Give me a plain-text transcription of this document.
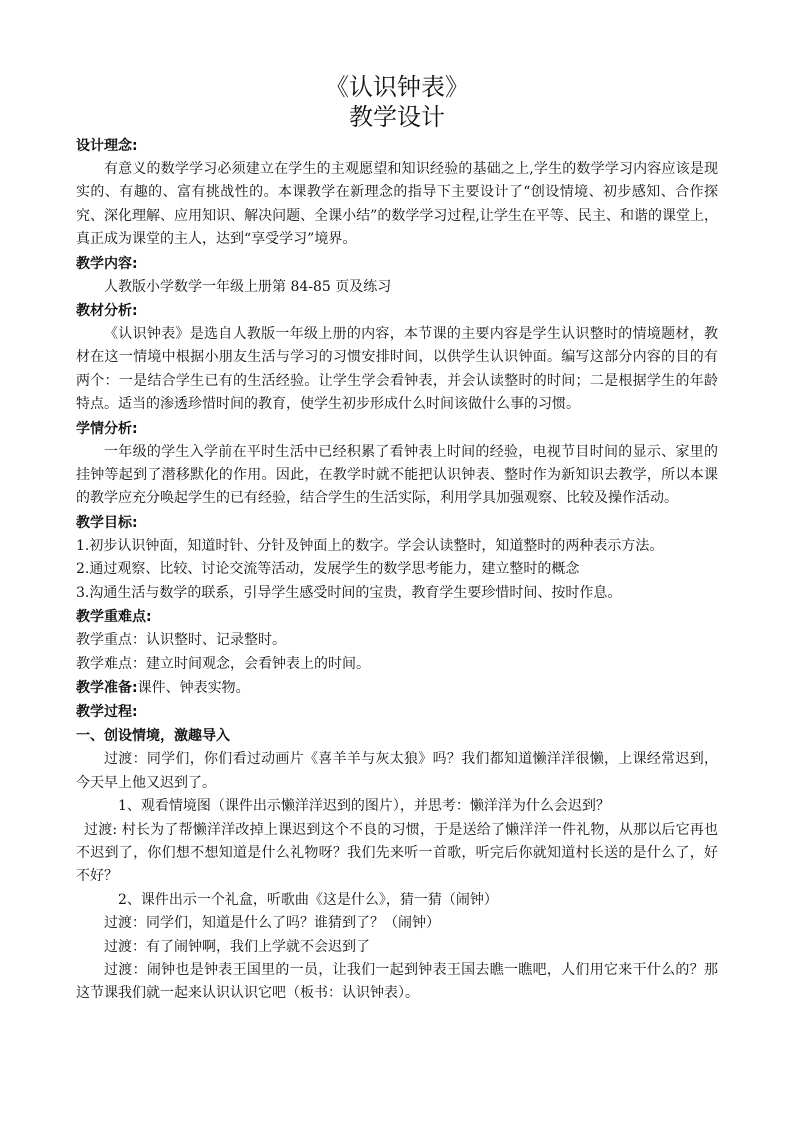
《认识钟表》
教学设计

设计理念:

有意义的数学学习必须建立在学生的主观愿望和知识经验的基础之上,学生的数学学习内容应该是现实的、有趣的、富有挑战性的。本课教学在新理念的指导下主要设计了“创设情境、初步感知、合作探究、深化理解、应用知识、解决问题、全课小结”的数学学习过程,让学生在平等、民主、和谐的课堂上，真正成为课堂的主人，达到“享受学习”境界。

教学内容:

人教版小学数学一年级上册第 84-85 页及练习

教材分析:

《认识钟表》是选自人教版一年级上册的内容，本节课的主要内容是学生认识整时的情境题材，教材在这一情境中根据小朋友生活与学习的习惯安排时间，以供学生认识钟面。编写这部分内容的目的有两个：一是结合学生已有的生活经验。让学生学会看钟表，并会认读整时的时间；二是根据学生的年龄特点。适当的渗透珍惜时间的教育，使学生初步形成什么时间该做什么事的习惯。

学情分析:

一年级的学生入学前在平时生活中已经积累了看钟表上时间的经验，电视节目时间的显示、家里的挂钟等起到了潜移默化的作用。因此，在教学时就不能把认识钟表、整时作为新知识去教学，所以本课的教学应充分唤起学生的已有经验，结合学生的生活实际，利用学具加强观察、比较及操作活动。

教学目标:

1.初步认识钟面，知道时针、分针及钟面上的数字。学会认读整时，知道整时的两种表示方法。

2.通过观察、比较、讨论交流等活动，发展学生的数学思考能力，建立整时的概念

3.沟通生活与数学的联系，引导学生感受时间的宝贵，教育学生要珍惜时间、按时作息。

教学重难点:

教学重点：认识整时、记录整时。

教学难点：建立时间观念，会看钟表上的时间。

教学准备:课件、钟表实物。

教学过程:

一、创设情境，激趣导入

过渡：同学们，你们看过动画片《喜羊羊与灰太狼》吗？我们都知道懒洋洋很懒，上课经常迟到，今天早上他又迟到了。

1、观看情境图（课件出示懒洋洋迟到的图片），并思考：懒洋洋为什么会迟到？

过渡: 村长为了帮懒洋洋改掉上课迟到这个不良的习惯，于是送给了懒洋洋一件礼物，从那以后它再也不迟到了，你们想不想知道是什么礼物呀？我们先来听一首歌，听完后你就知道村长送的是什么了，好不好？

2、课件出示一个礼盒，听歌曲《这是什么》，猜一猜（闹钟）

过渡：同学们，知道是什么了吗？谁猜到了？（闹钟）

过渡：有了闹钟啊，我们上学就不会迟到了

过渡：闹钟也是钟表王国里的一员，让我们一起到钟表王国去瞧一瞧吧，人们用它来干什么的？那这节课我们就一起来认识认识它吧（板书：认识钟表）。
